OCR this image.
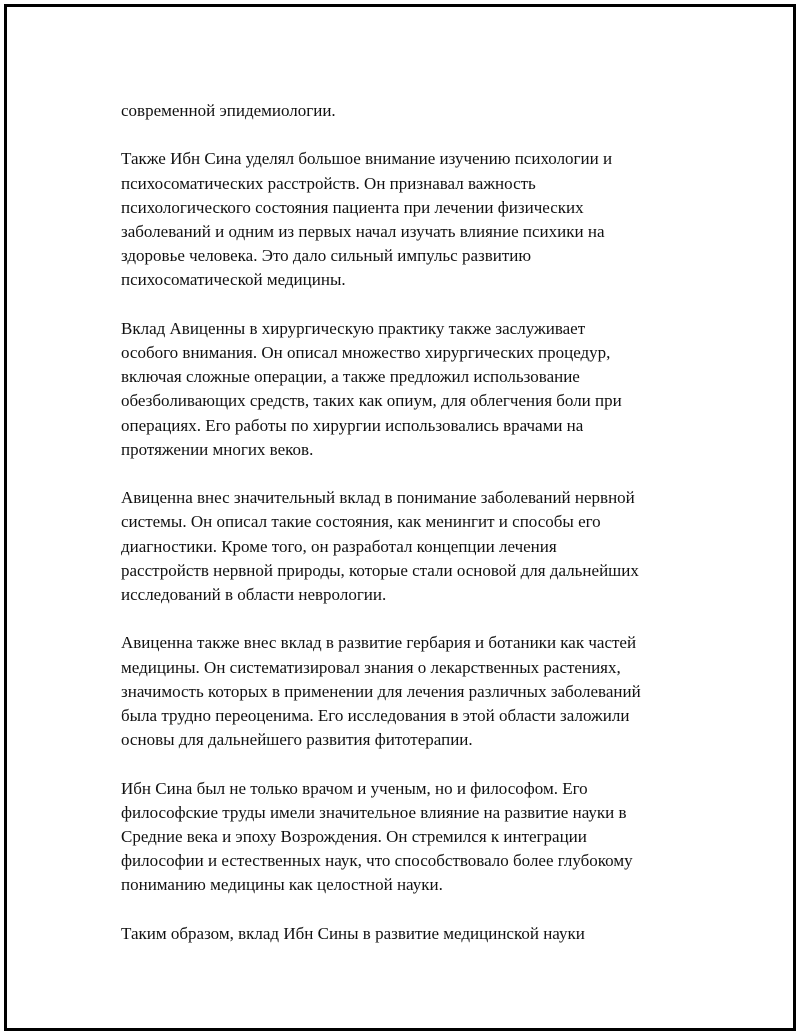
современной эпидемиологии.

Также Ибн Сина уделял большое внимание изучению психологии и
психосоматических расстройств. Он признавал важность
психологического состояния пациента при лечении физических
заболеваний и одним из первых начал изучать влияние психики на
здоровье человека. Это дало сильный импульс развитию
психосоматической медицины.

Вклад Авиценны в хирургическую практику также заслуживает
особого внимания. Он описал множество хирургических процедур,
включая сложные операции, а также предложил использование
обезболивающих средств, таких как опиум, для облегчения боли при
операциях. Его работы по хирургии использовались врачами на
протяжении многих веков.

Авиценна внес значительный вклад в понимание заболеваний нервной
системы. Он описал такие состояния, как менингит и способы его
диагностики. Кроме того, он разработал концепции лечения
расстройств нервной природы, которые стали основой для дальнейших
исследований в области неврологии.

Авиценна также внес вклад в развитие гербария и ботаники как частей
медицины. Он систематизировал знания о лекарственных растениях,
значимость которых в применении для лечения различных заболеваний
была трудно переоценима. Его исследования в этой области заложили
основы для дальнейшего развития фитотерапии.

Ибн Сина был не только врачом и ученым, но и философом. Его
философские труды имели значительное влияние на развитие науки в
Средние века и эпоху Возрождения. Он стремился к интеграции
философии и естественных наук, что способствовало более глубокому
пониманию медицины как целостной науки.

Таким образом, вклад Ибн Сины в развитие медицинской науки
